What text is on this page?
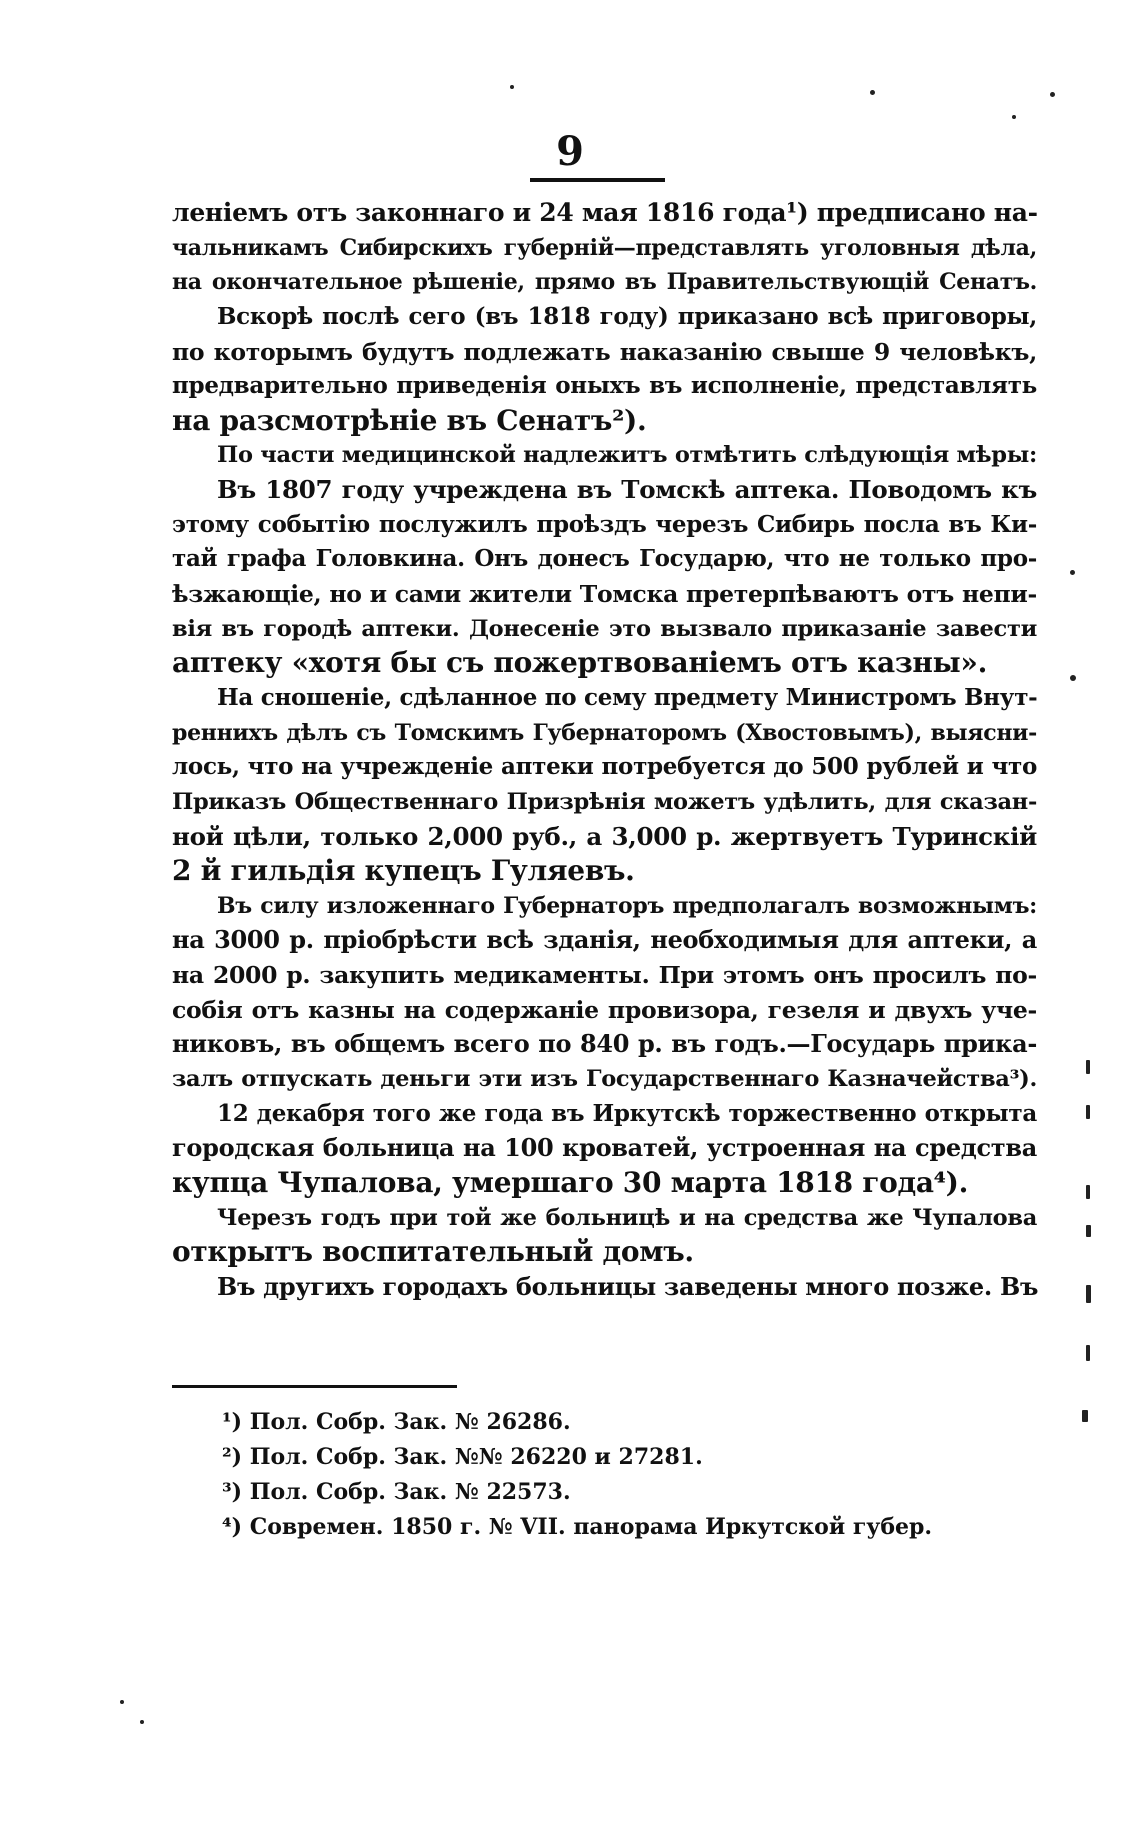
9
леніемъ отъ законнаго и 24 мая 1816 года¹) предписано на-
чальникамъ Сибирскихъ губерній—представлять уголовныя дѣла,
на окончательное рѣшеніе, прямо въ Правительствующій Сенатъ.
Вскорѣ послѣ сего (въ 1818 году) приказано всѣ приговоры,
по которымъ будутъ подлежать наказанію свыше 9 человѣкъ,
предварительно приведенія оныхъ въ исполненіе, представлять
на разсмотрѣніе въ Сенатъ²).
По части медицинской надлежитъ отмѣтить слѣдующія мѣры:
Въ 1807 году учреждена въ Томскѣ аптека. Поводомъ къ
этому событію послужилъ проѣздъ черезъ Сибирь посла въ Ки-
тай графа Головкина. Онъ донесъ Государю, что не только про-
ѣзжающіе, но и сами жители Томска претерпѣваютъ отъ непи-
вія въ городѣ аптеки. Донесеніе это вызвало приказаніе завести
аптеку «хотя бы съ пожертвованіемъ отъ казны».
На сношеніе, сдѣланное по сему предмету Министромъ Внут-
реннихъ дѣлъ съ Томскимъ Губернаторомъ (Хвостовымъ), выясни-
лось, что на учрежденіе аптеки потребуется до 500 рублей и что
Приказъ Общественнаго Призрѣнія можетъ удѣлить, для сказан-
ной цѣли, только 2,000 руб., а 3,000 р. жертвуетъ Туринскій
2 й гильдія купецъ Гуляевъ.
Въ силу изложеннаго Губернаторъ предполагалъ возможнымъ:
на 3000 р. пріобрѣсти всѣ зданія, необходимыя для аптеки, а
на 2000 р. закупить медикаменты. При этомъ онъ просилъ по-
собія отъ казны на содержаніе провизора, гезеля и двухъ уче-
никовъ, въ общемъ всего по 840 р. въ годъ.—Государь прика-
залъ отпускать деньги эти изъ Государственнаго Казначейства³).
12 декабря того же года въ Иркутскѣ торжественно открыта
городская больница на 100 кроватей, устроенная на средства
купца Чупалова, умершаго 30 марта 1818 года⁴).
Черезъ годъ при той же больницѣ и на средства же Чупалова
открытъ воспитательный домъ.
Въ другихъ городахъ больницы заведены много позже. Въ
¹) Пол. Собр. Зак. № 26286.
²) Пол. Собр. Зак. №№ 26220 и 27281.
³) Пол. Собр. Зак. № 22573.
⁴) Современ. 1850 г. № VII. панорама Иркутской губер.
